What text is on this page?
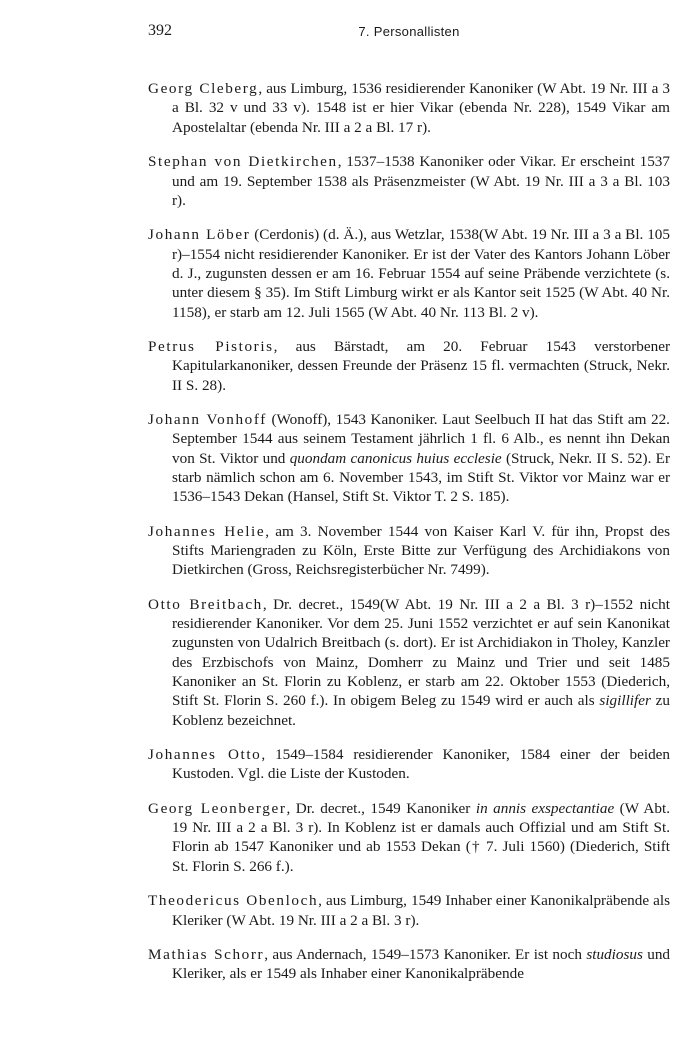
392	7. Personallisten

Georg Cleberg, aus Limburg, 1536 residierender Kanoniker (W Abt. 19 Nr. III a 3 a Bl. 32 v und 33 v). 1548 ist er hier Vikar (ebenda Nr. 228), 1549 Vikar am Apostelaltar (ebenda Nr. III a 2 a Bl. 17 r).

Stephan von Dietkirchen, 1537–1538 Kanoniker oder Vikar. Er erscheint 1537 und am 19. September 1538 als Präsenzmeister (W Abt. 19 Nr. III a 3 a Bl. 103 r).

Johann Löber (Cerdonis) (d. Ä.), aus Wetzlar, 1538(W Abt. 19 Nr. III a 3 a Bl. 105 r)–1554 nicht residierender Kanoniker. Er ist der Vater des Kantors Johann Löber d. J., zugunsten dessen er am 16. Februar 1554 auf seine Präbende verzichtete (s. unter diesem § 35). Im Stift Limburg wirkt er als Kantor seit 1525 (W Abt. 40 Nr. 1158), er starb am 12. Juli 1565 (W Abt. 40 Nr. 113 Bl. 2 v).

Petrus Pistoris, aus Bärstadt, am 20. Februar 1543 verstorbener Kapitularkanoniker, dessen Freunde der Präsenz 15 fl. vermachten (Struck, Nekr. II S. 28).

Johann Vonhoff (Wonoff), 1543 Kanoniker. Laut Seelbuch II hat das Stift am 22. September 1544 aus seinem Testament jährlich 1 fl. 6 Alb., es nennt ihn Dekan von St. Viktor und quondam canonicus huius ecclesie (Struck, Nekr. II S. 52). Er starb nämlich schon am 6. November 1543, im Stift St. Viktor vor Mainz war er 1536–1543 Dekan (Hansel, Stift St. Viktor T. 2 S. 185).

Johannes Helie, am 3. November 1544 von Kaiser Karl V. für ihn, Propst des Stifts Mariengraden zu Köln, Erste Bitte zur Verfügung des Archidiakons von Dietkirchen (Gross, Reichsregisterbücher Nr. 7499).

Otto Breitbach, Dr. decret., 1549(W Abt. 19 Nr. III a 2 a Bl. 3 r)–1552 nicht residierender Kanoniker. Vor dem 25. Juni 1552 verzichtet er auf sein Kanonikat zugunsten von Udalrich Breitbach (s. dort). Er ist Archidiakon in Tholey, Kanzler des Erzbischofs von Mainz, Domherr zu Mainz und Trier und seit 1485 Kanoniker an St. Florin zu Koblenz, er starb am 22. Oktober 1553 (Diederich, Stift St. Florin S. 260 f.). In obigem Beleg zu 1549 wird er auch als sigillifer zu Koblenz bezeichnet.

Johannes Otto, 1549–1584 residierender Kanoniker, 1584 einer der beiden Kustoden. Vgl. die Liste der Kustoden.

Georg Leonberger, Dr. decret., 1549 Kanoniker in annis exspectantiae (W Abt. 19 Nr. III a 2 a Bl. 3 r). In Koblenz ist er damals auch Offizial und am Stift St. Florin ab 1547 Kanoniker und ab 1553 Dekan († 7. Juli 1560) (Diederich, Stift St. Florin S. 266 f.).

Theodericus Obenloch, aus Limburg, 1549 Inhaber einer Kanonikalpräbende als Kleriker (W Abt. 19 Nr. III a 2 a Bl. 3 r).

Mathias Schorr, aus Andernach, 1549–1573 Kanoniker. Er ist noch studiosus und Kleriker, als er 1549 als Inhaber einer Kanonikalpräbende
